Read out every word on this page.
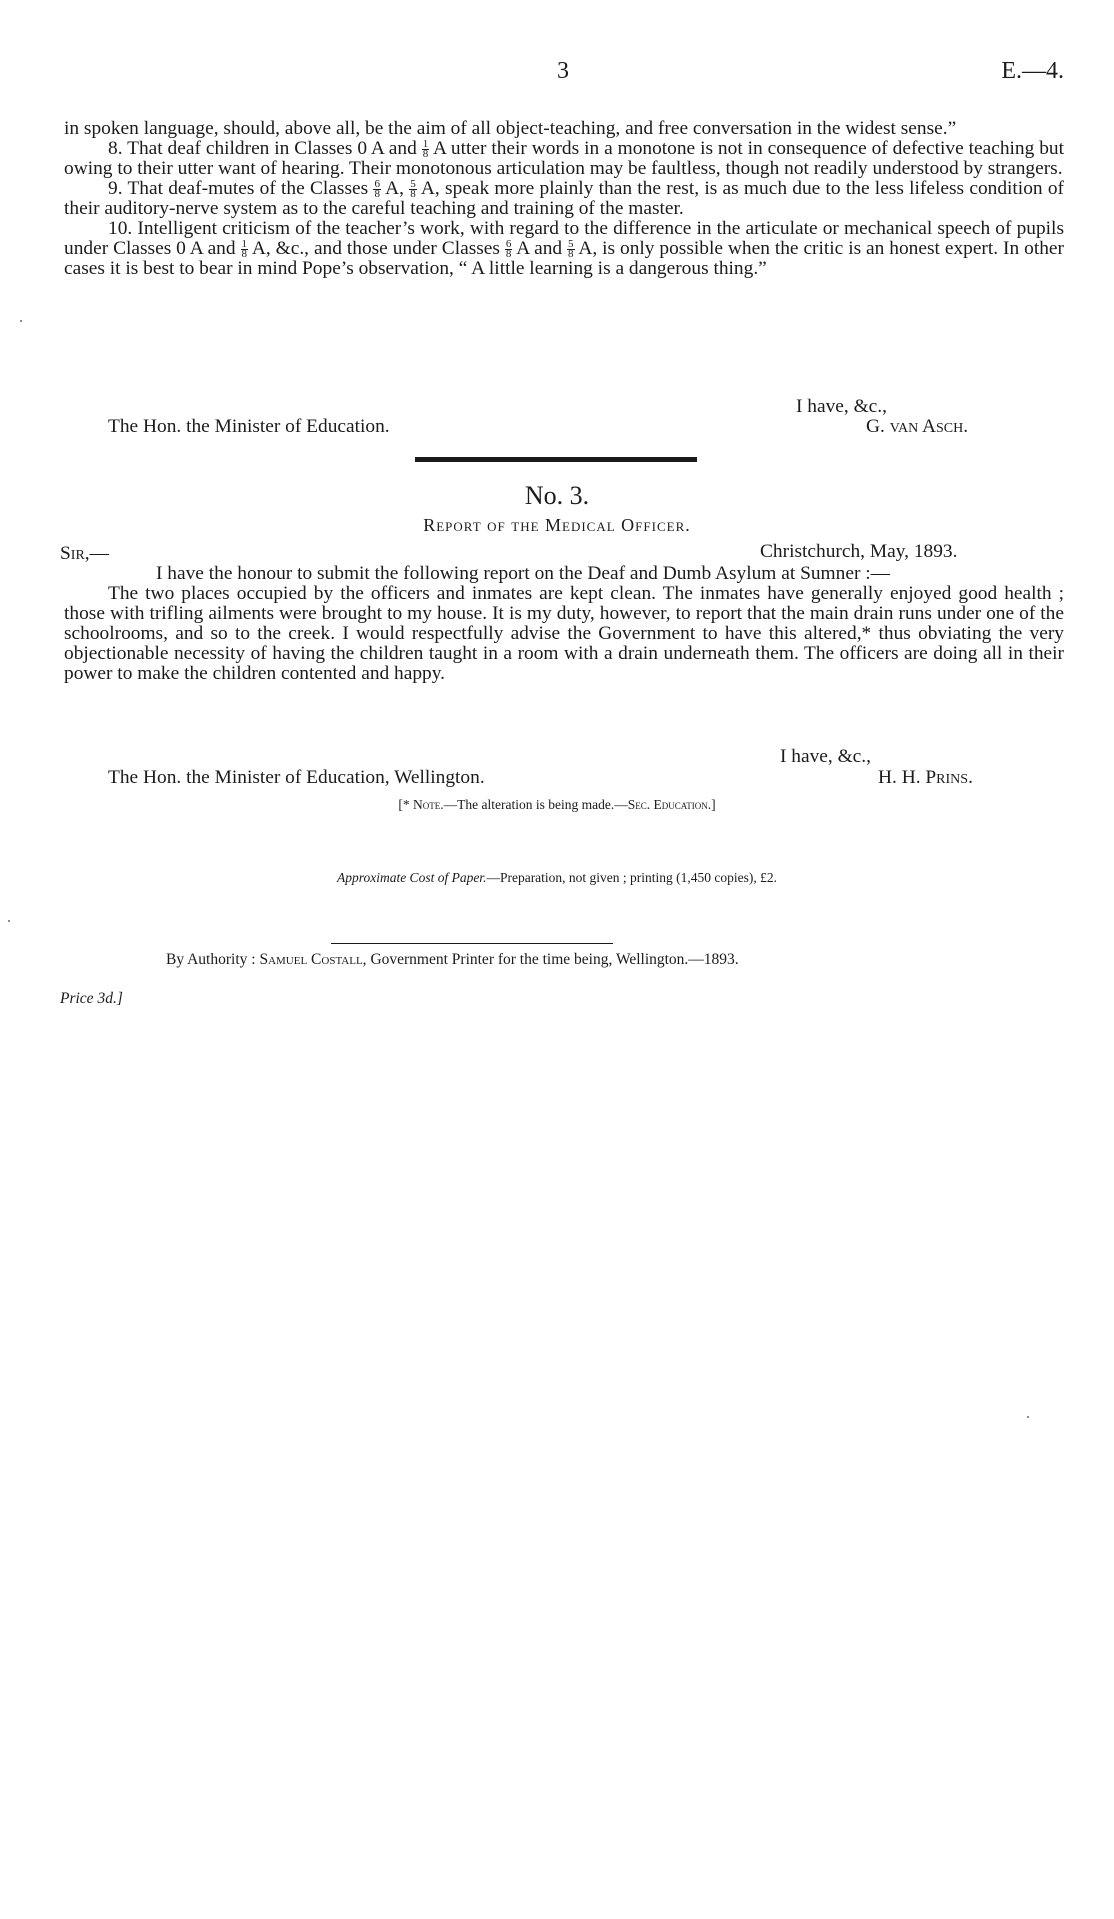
3	E.—4.

in spoken language, should, above all, be the aim of all object-teaching, and free conversation in the widest sense.”

8. That deaf children in Classes 0 A and $\frac{1}{8}$ A utter their words in a monotone is not in consequence of defective teaching but owing to their utter want of hearing. Their monotonous articulation may be faultless, though not readily understood by strangers.

9. That deaf-mutes of the Classes $\frac{6}{8} A$, $\frac{5}{8} A$, speak more plainly than the rest, is as much due to the less lifeless condition of their auditory-nerve system as to the careful teaching and training of the master.

10. Intelligent criticism of the teacher’s work, with regard to the difference in the articulate or mechanical speech of pupils under Classes 0 A and $\frac{1}{8} A$, &c., and those under Classes $\frac{6}{8}$ A and $\frac{5}{8} A$, is only possible when the critic is an honest expert. In other cases it is best to bear in mind Pope’s observation, “ A little learning is a dangerous thing.”

I have, &c.,
The Hon. the Minister of Education.	G. van Asch.
No. 3.
Report of the Medical Officer.
Sir,—	Christchurch, May, 1893.

I have the honour to submit the following report on the Deaf and Dumb Asylum at Sumner :—

The two places occupied by the officers and inmates are kept clean. The inmates have generally enjoyed good health ; those with trifling ailments were brought to my house. It is my duty, however, to report that the main drain runs under one of the schoolrooms, and so to the creek. I would respectfully advise the Government to have this altered,* thus obviating the very objectionable necessity of having the children taught in a room with a drain underneath them. The officers are doing all in their power to make the children contented and happy.

I have, &c.,
The Hon. the Minister of Education, Wellington.	H. H. Prins.
[* Note.—The alteration is being made.—Sec. Education.]
Approximate Cost of Paper.—Preparation, not given ; printing (1,450 copies), £2.
By Authority : Samuel Costall, Government Printer for the time being, Wellington.—1893.
Price 3d.]
